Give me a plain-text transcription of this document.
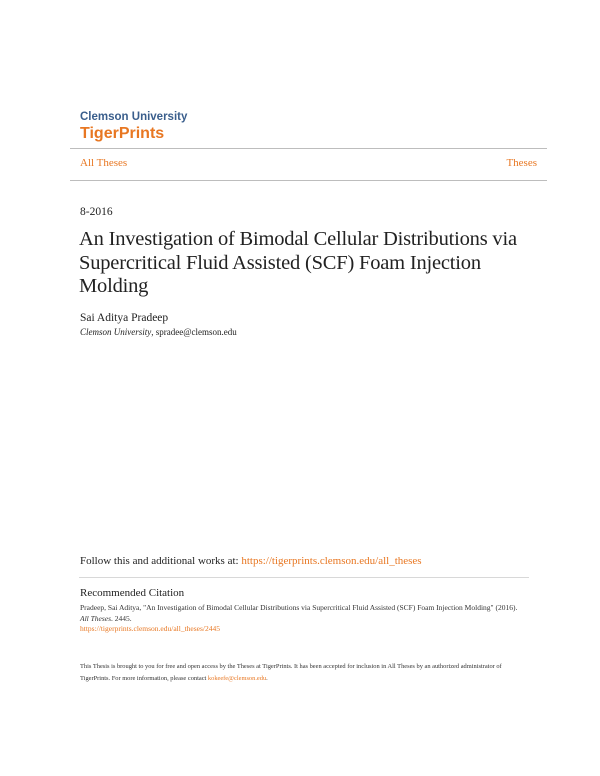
Clemson University
TigerPrints
All Theses	Theses
8-2016
An Investigation of Bimodal Cellular Distributions via Supercritical Fluid Assisted (SCF) Foam Injection Molding
Sai Aditya Pradeep
Clemson University, spradee@clemson.edu
Follow this and additional works at: https://tigerprints.clemson.edu/all_theses
Recommended Citation
Pradeep, Sai Aditya, "An Investigation of Bimodal Cellular Distributions via Supercritical Fluid Assisted (SCF) Foam Injection Molding" (2016). All Theses. 2445.
https://tigerprints.clemson.edu/all_theses/2445
This Thesis is brought to you for free and open access by the Theses at TigerPrints. It has been accepted for inclusion in All Theses by an authorized administrator of TigerPrints. For more information, please contact kokeefe@clemson.edu.
